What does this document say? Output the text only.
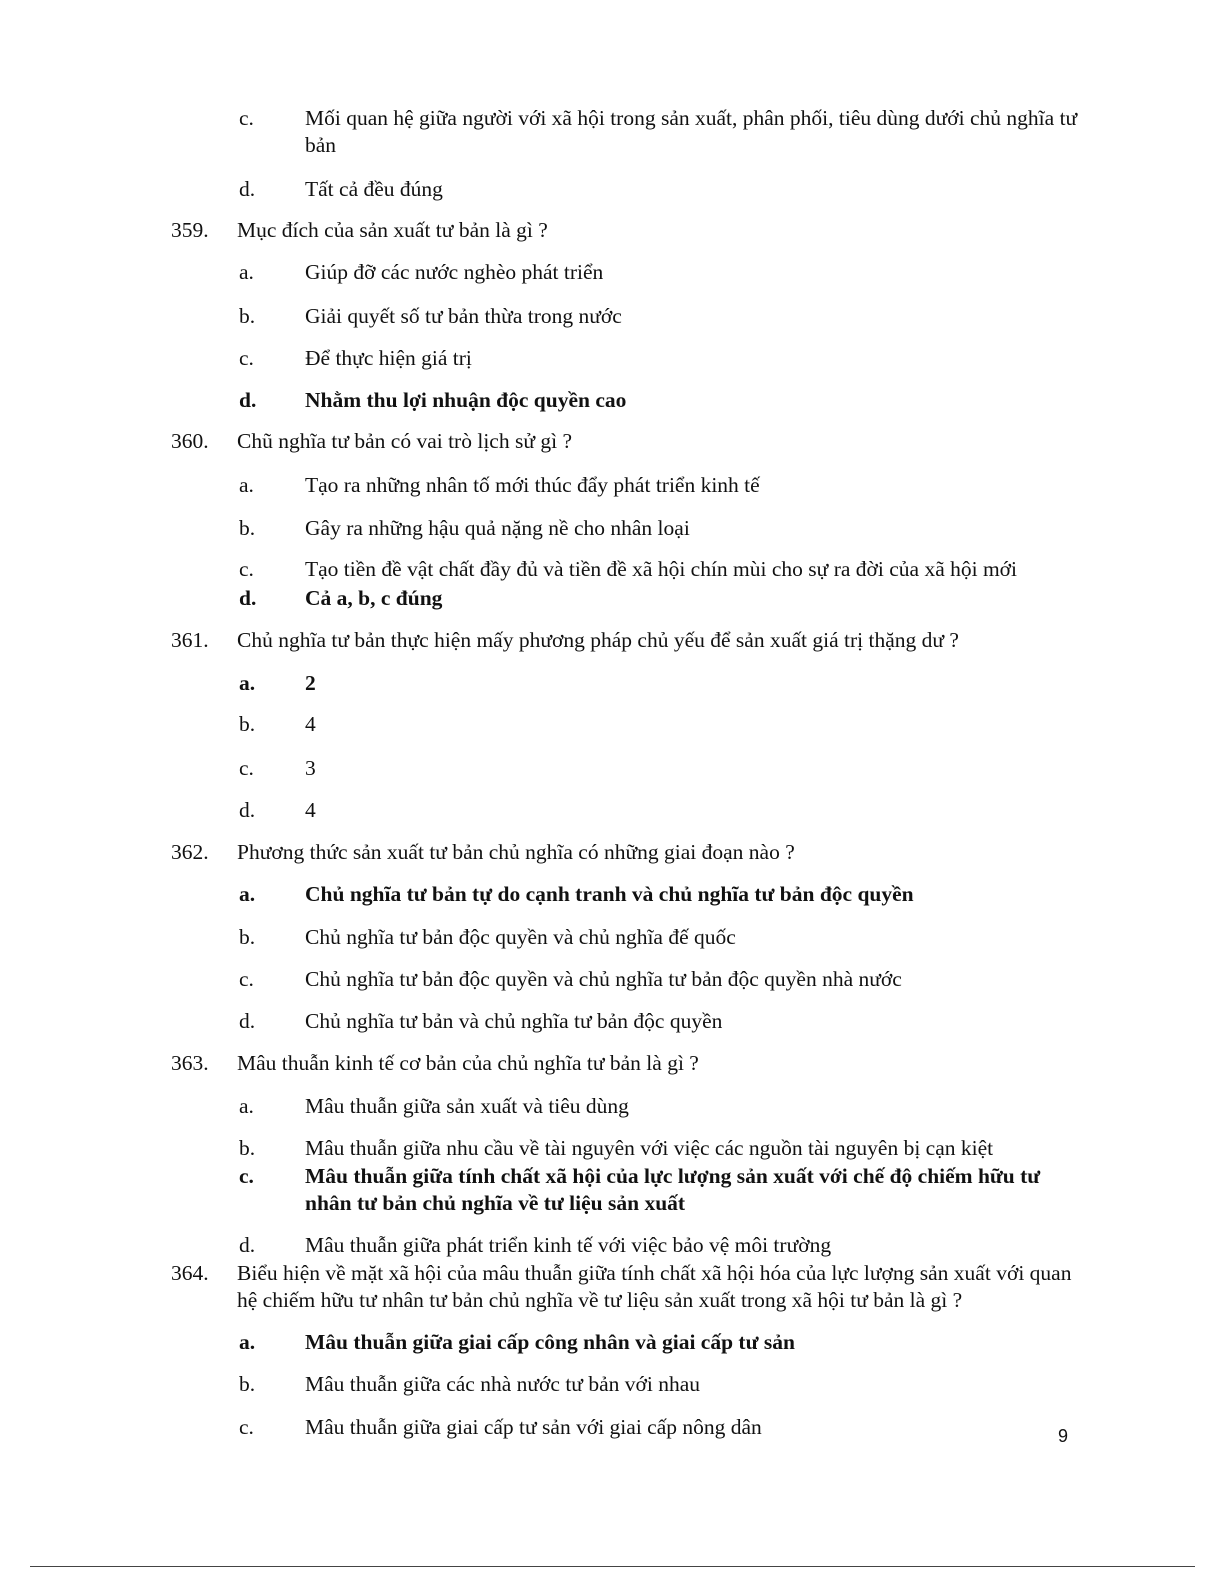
c. Mối quan hệ giữa người với xã hội trong sản xuất, phân phối, tiêu dùng dưới chủ nghĩa tư bản
d. Tất cả đều đúng
359. Mục đích của sản xuất tư bản là gì ?
a. Giúp đỡ các nước nghèo phát triển
b. Giải quyết số tư bản thừa trong nước
c. Để thực hiện giá trị
d. Nhằm thu lợi nhuận độc quyền cao
360. Chũ nghĩa tư bản có vai trò lịch sử gì ?
a. Tạo ra những nhân tố mới thúc đẩy phát triển kinh tế
b. Gây ra những hậu quả nặng nề cho nhân loại
c. Tạo tiền đề vật chất đầy đủ và tiền đề xã hội chín mùi cho sự ra đời của xã hội mới
d. Cả a, b, c đúng
361. Chủ nghĩa tư bản thực hiện mấy phương pháp chủ yếu để sản xuất giá trị thặng dư ?
a. 2
b. 4
c. 3
d. 4
362. Phương thức sản xuất tư bản chủ nghĩa có những giai đoạn nào ?
a. Chủ nghĩa tư bản tự do cạnh tranh và chủ nghĩa tư bản độc quyền
b. Chủ nghĩa tư bản độc quyền và chủ nghĩa đế quốc
c. Chủ nghĩa tư bản độc quyền và chủ nghĩa tư bản độc quyền nhà nước
d. Chủ nghĩa tư bản và chủ nghĩa tư bản độc quyền
363. Mâu thuẫn kinh tế cơ bản của chủ nghĩa tư bản là gì ?
a. Mâu thuẫn giữa sản xuất và tiêu dùng
b. Mâu thuẫn giữa nhu cầu về tài nguyên với việc các nguồn tài nguyên bị cạn kiệt
c. Mâu thuẫn giữa tính chất xã hội của lực lượng sản xuất với chế độ chiếm hữu tư nhân tư bản chủ nghĩa về tư liệu sản xuất
d. Mâu thuẫn giữa phát triển kinh tế với việc bảo vệ môi trường
364. Biểu hiện về mặt xã hội của mâu thuẫn giữa tính chất xã hội hóa của lực lượng sản xuất với quan hệ chiếm hữu tư nhân tư bản chủ nghĩa về tư liệu sản xuất trong xã hội tư bản là gì ?
a. Mâu thuẫn giữa giai cấp công nhân và giai cấp tư sản
b. Mâu thuẫn giữa các nhà nước tư bản với nhau
c. Mâu thuẫn giữa giai cấp tư sản với giai cấp nông dân	9
